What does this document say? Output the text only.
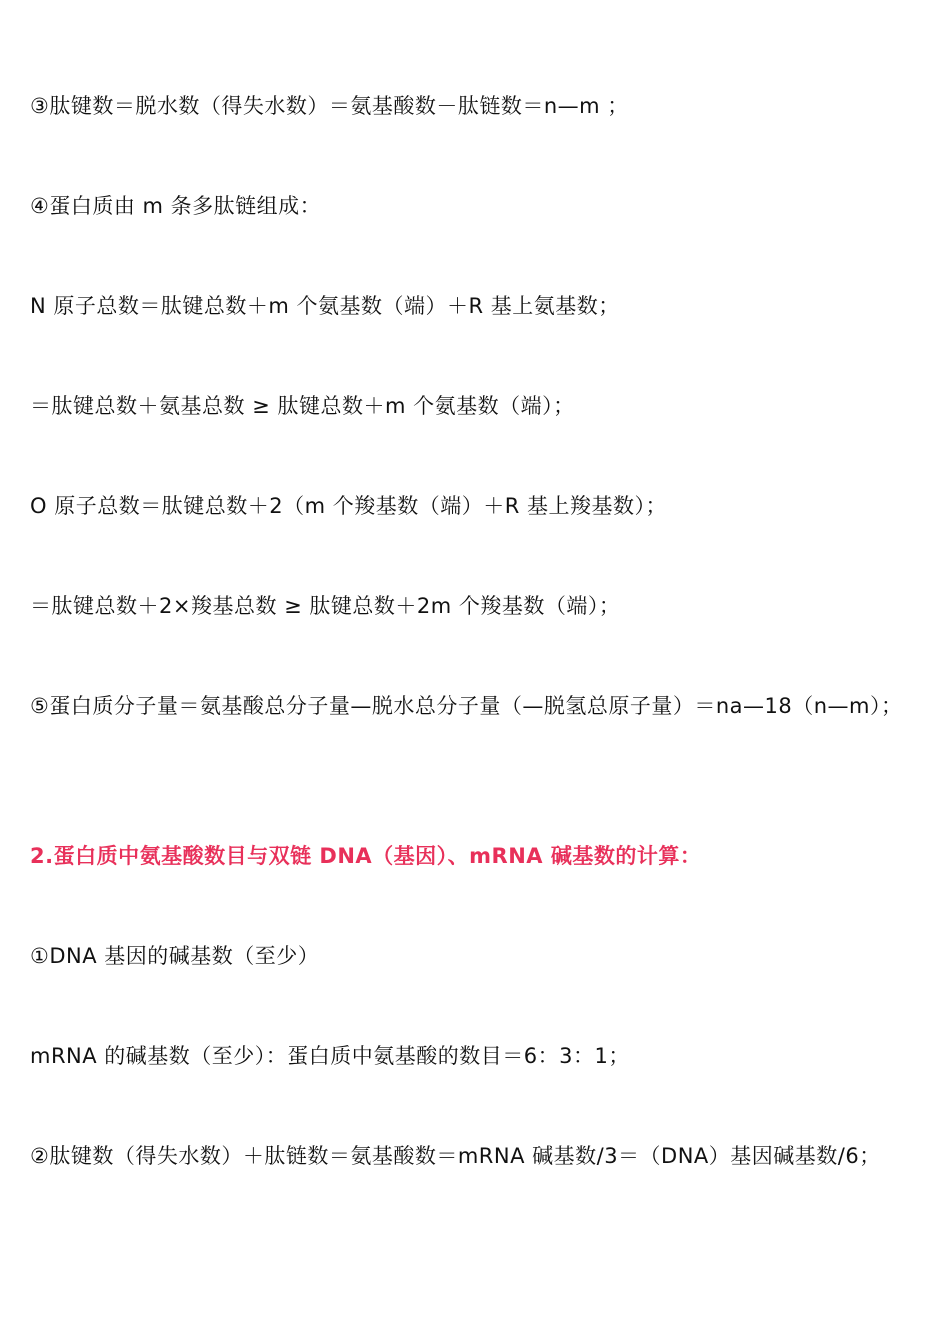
③肽键数＝脱水数（得失水数）＝氨基酸数－肽链数＝n—m ；

④蛋白质由 m 条多肽链组成：

N 原子总数＝肽键总数＋m 个氨基数（端）＋R 基上氨基数；

＝肽键总数＋氨基总数 ≥ 肽键总数＋m 个氨基数（端）；

O 原子总数＝肽键总数＋2（m 个羧基数（端）＋R 基上羧基数）；

＝肽键总数＋2×羧基总数 ≥ 肽键总数＋2m 个羧基数（端）；

⑤蛋白质分子量＝氨基酸总分子量—脱水总分子量（—脱氢总原子量）＝na—18（n—m）；

2.蛋白质中氨基酸数目与双链 DNA（基因）、mRNA 碱基数的计算：

①DNA 基因的碱基数（至少）

mRNA 的碱基数（至少）：蛋白质中氨基酸的数目＝6：3：1；

②肽键数（得失水数）＋肽链数＝氨基酸数＝mRNA 碱基数/3＝（DNA）基因碱基数/6；
